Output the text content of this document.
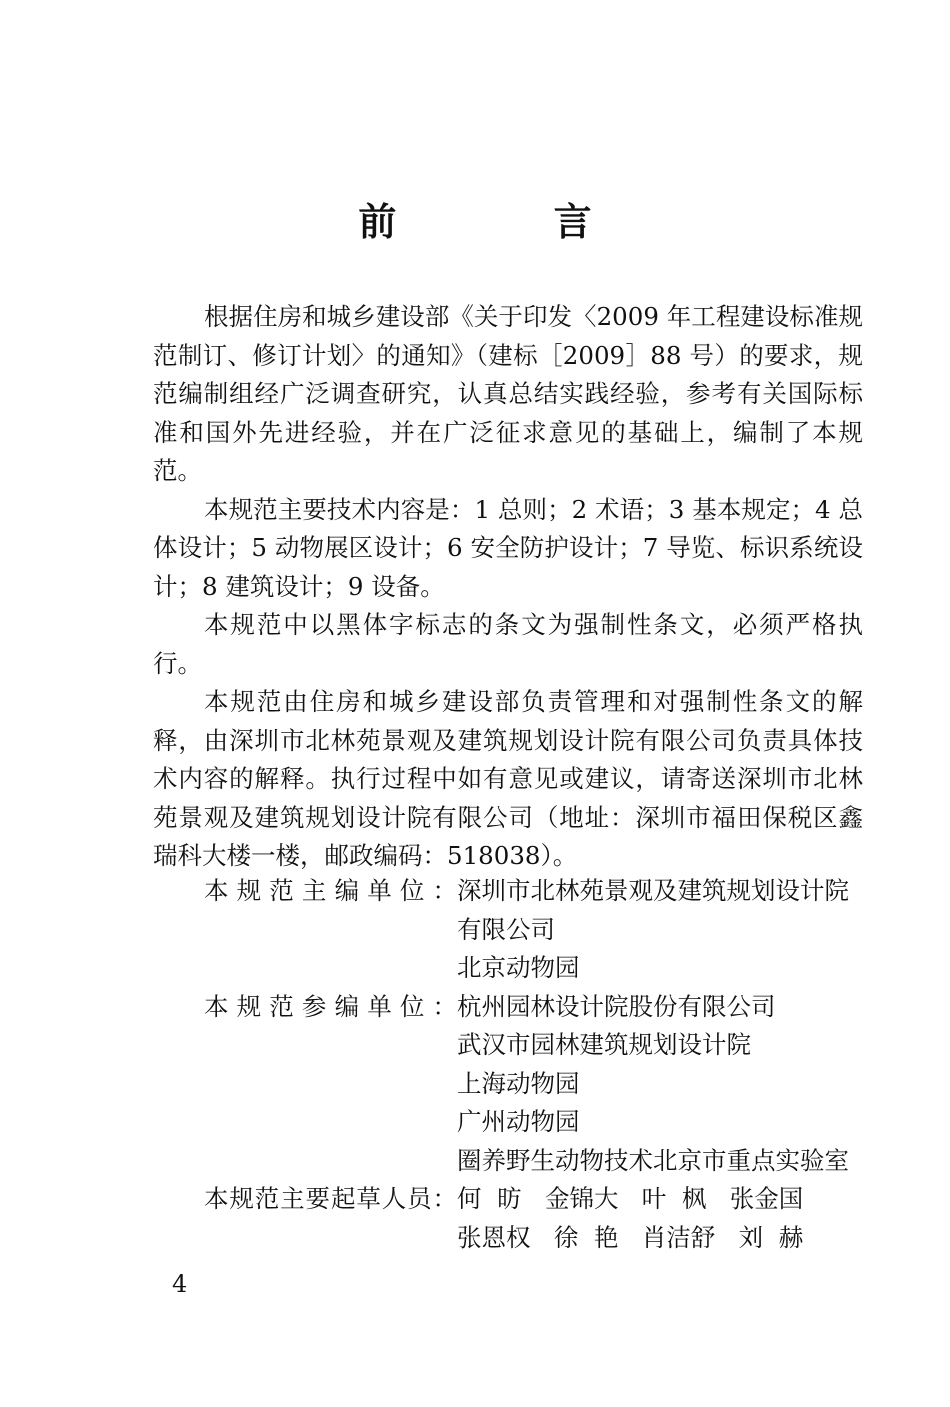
前 言

根据住房和城乡建设部《关于印发〈2009 年工程建设标准规范制订、修订计划〉的通知》（建标［2009］88 号）的要求，规范编制组经广泛调查研究，认真总结实践经验，参考有关国际标准和国外先进经验，并在广泛征求意见的基础上，编制了本规范。

本规范主要技术内容是：1 总则；2 术语；3 基本规定；4 总体设计；5 动物展区设计；6 安全防护设计；7 导览、标识系统设计；8 建筑设计；9 设备。

本规范中以黑体字标志的条文为强制性条文，必须严格执行。

本规范由住房和城乡建设部负责管理和对强制性条文的解释，由深圳市北林苑景观及建筑规划设计院有限公司负责具体技术内容的解释。执行过程中如有意见或建议，请寄送深圳市北林苑景观及建筑规划设计院有限公司（地址：深圳市福田保税区鑫瑞科大楼一楼，邮政编码：518038）。

本规范主编单位： 深圳市北林苑景观及建筑规划设计院
有限公司
北京动物园
本规范参编单位： 杭州园林设计院股份有限公司
武汉市园林建筑规划设计院
上海动物园
广州动物园
圈养野生动物技术北京市重点实验室
本规范主要起草人员： 何  昉   金锦大   叶  枫   张金国
张恩权   徐  艳   肖洁舒   刘  赫
4
